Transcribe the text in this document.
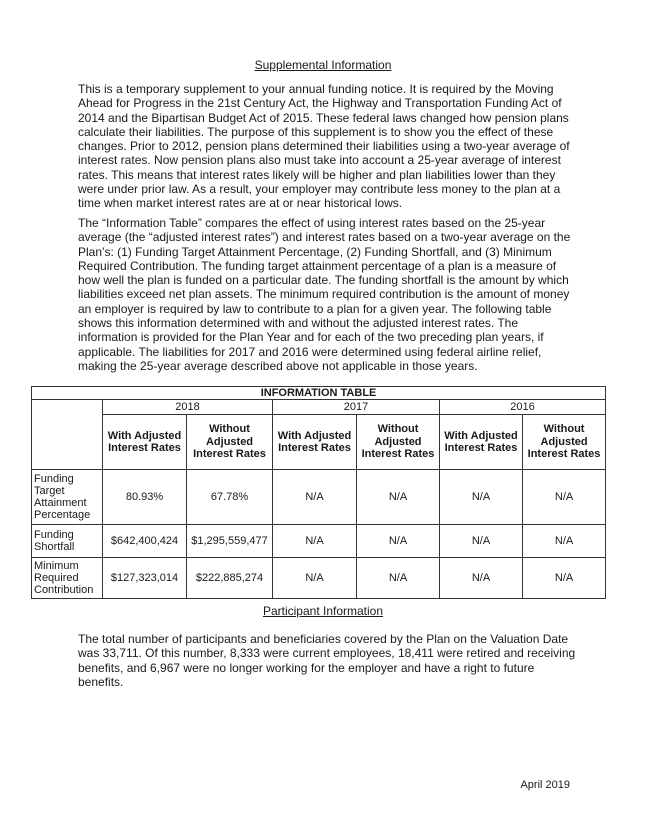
Supplemental Information

This is a temporary supplement to your annual funding notice. It is required by the Moving Ahead for Progress in the 21st Century Act, the Highway and Transportation Funding Act of 2014 and the Bipartisan Budget Act of 2015. These federal laws changed how pension plans calculate their liabilities. The purpose of this supplement is to show you the effect of these changes. Prior to 2012, pension plans determined their liabilities using a two-year average of interest rates. Now pension plans also must take into account a 25-year average of interest rates. This means that interest rates likely will be higher and plan liabilities lower than they were under prior law. As a result, your employer may contribute less money to the plan at a time when market interest rates are at or near historical lows.

The “Information Table” compares the effect of using interest rates based on the 25-year average (the “adjusted interest rates”) and interest rates based on a two-year average on the Plan’s: (1) Funding Target Attainment Percentage, (2) Funding Shortfall, and (3) Minimum Required Contribution. The funding target attainment percentage of a plan is a measure of how well the plan is funded on a particular date. The funding shortfall is the amount by which liabilities exceed net plan assets. The minimum required contribution is the amount of money an employer is required by law to contribute to a plan for a given year. The following table shows this information determined with and without the adjusted interest rates. The information is provided for the Plan Year and for each of the two preceding plan years, if applicable. The liabilities for 2017 and 2016 were determined using federal airline relief, making the 25-year average described above not applicable in those years.

INFORMATION TABLE						
	2018		2017		2016	
	With Adjusted Interest Rates	Without Adjusted Interest Rates	With Adjusted Interest Rates	Without Adjusted Interest Rates	With Adjusted Interest Rates	Without Adjusted Interest Rates
Funding Target Attainment Percentage	80.93%	67.78%	N/A	N/A	N/A	N/A
Funding Shortfall	$642,400,424	$1,295,559,477	N/A	N/A	N/A	N/A
Minimum Required Contribution	$127,323,014	$222,885,274	N/A	N/A	N/A	N/A

Participant Information

The total number of participants and beneficiaries covered by the Plan on the Valuation Date was 33,711. Of this number, 8,333 were current employees, 18,411 were retired and receiving benefits, and 6,967 were no longer working for the employer and have a right to future benefits.

April 2019
